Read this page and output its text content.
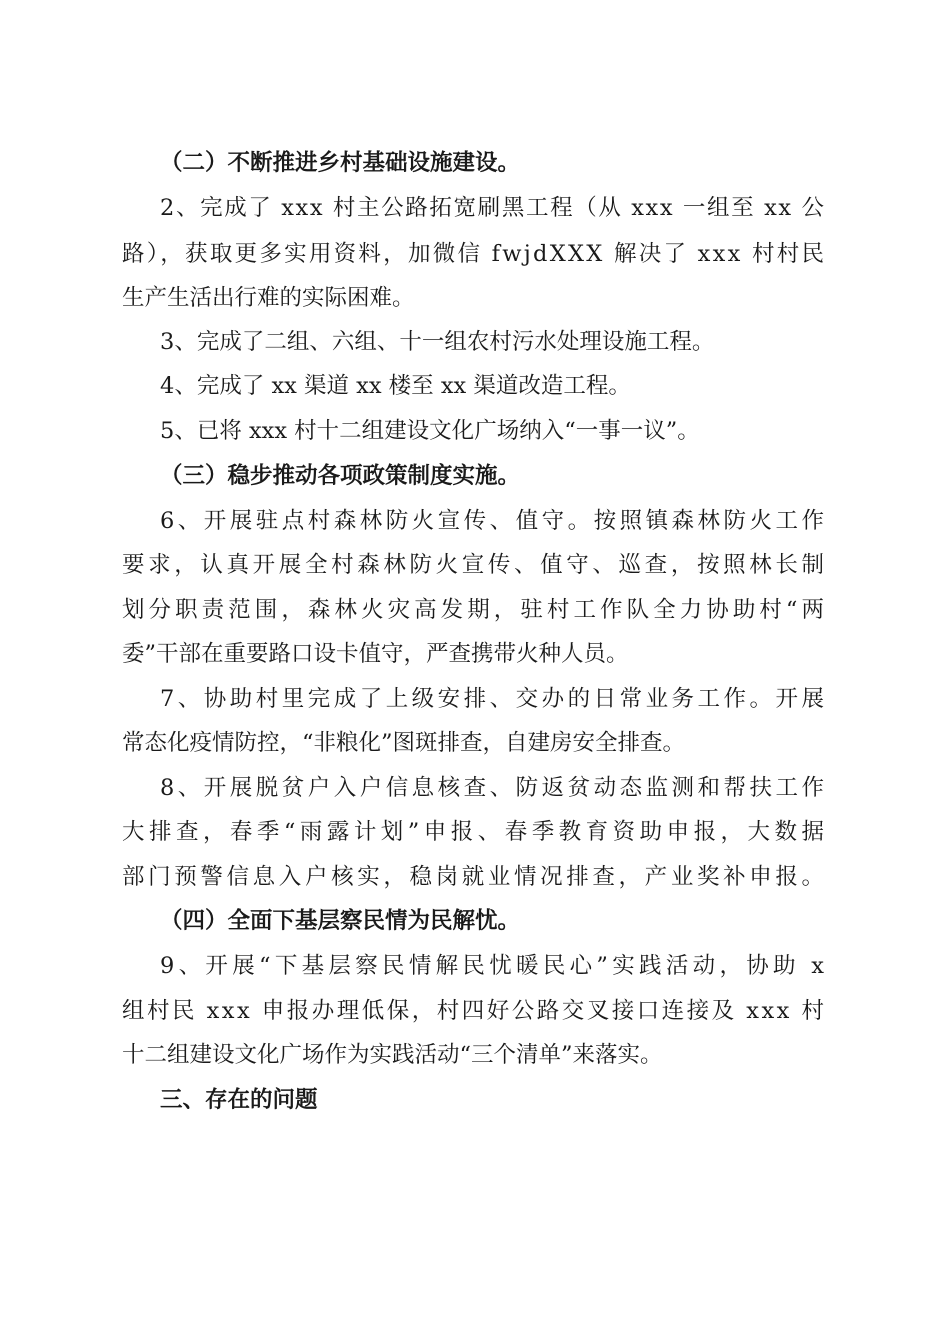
（二）不断推进乡村基础设施建设。

2、完成了 xxx 村主公路拓宽刷黑工程（从 xxx 一组至 xx 公

路），获取更多实用资料，加微信 fwjdXXX 解决了 xxx 村村民

生产生活出行难的实际困难。

3、完成了二组、六组、十一组农村污水处理设施工程。

4、完成了 xx 渠道 xx 楼至 xx 渠道改造工程。

5、已将 xxx 村十二组建设文化广场纳入“一事一议”。

（三）稳步推动各项政策制度实施。

6、开展驻点村森林防火宣传、值守。按照镇森林防火工作

要求，认真开展全村森林防火宣传、值守、巡查，按照林长制

划分职责范围，森林火灾高发期，驻村工作队全力协助村“两

委”干部在重要路口设卡值守，严查携带火种人员。

7、协助村里完成了上级安排、交办的日常业务工作。开展

常态化疫情防控，“非粮化”图斑排查，自建房安全排查。

8、开展脱贫户入户信息核查、防返贫动态监测和帮扶工作

大排查，春季“雨露计划”申报、春季教育资助申报，大数据

部门预警信息入户核实，稳岗就业情况排查，产业奖补申报。

（四）全面下基层察民情为民解忧。

9、开展“下基层察民情解民忧暖民心”实践活动，协助 x

组村民 xxx 申报办理低保，村四好公路交叉接口连接及 xxx 村

十二组建设文化广场作为实践活动“三个清单”来落实。

三、存在的问题
